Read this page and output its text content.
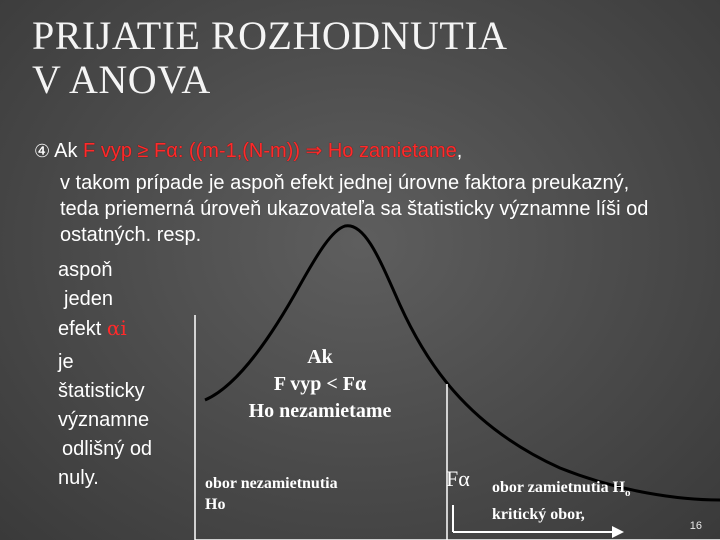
PRIJATIE ROZHODNUTIA
V ANOVA
④ Ak F vyp ≥ Fα: ((m-1,(N-m)) ⇒ Ho zamietame,

v takom prípade je aspoň efekt jednej úrovne faktora preukazný, teda priemerná úroveň ukazovateľa sa štatisticky významne líši od ostatných. resp.

aspoň
jeden
efekt αi
je
štatisticky
významne
odlišný od
nuly.
Ak
F vyp < Fα
Ho nezamietame
obor nezamietnutia
Ho
Fα obor zamietnutia $H_o$
kritický obor,
16
